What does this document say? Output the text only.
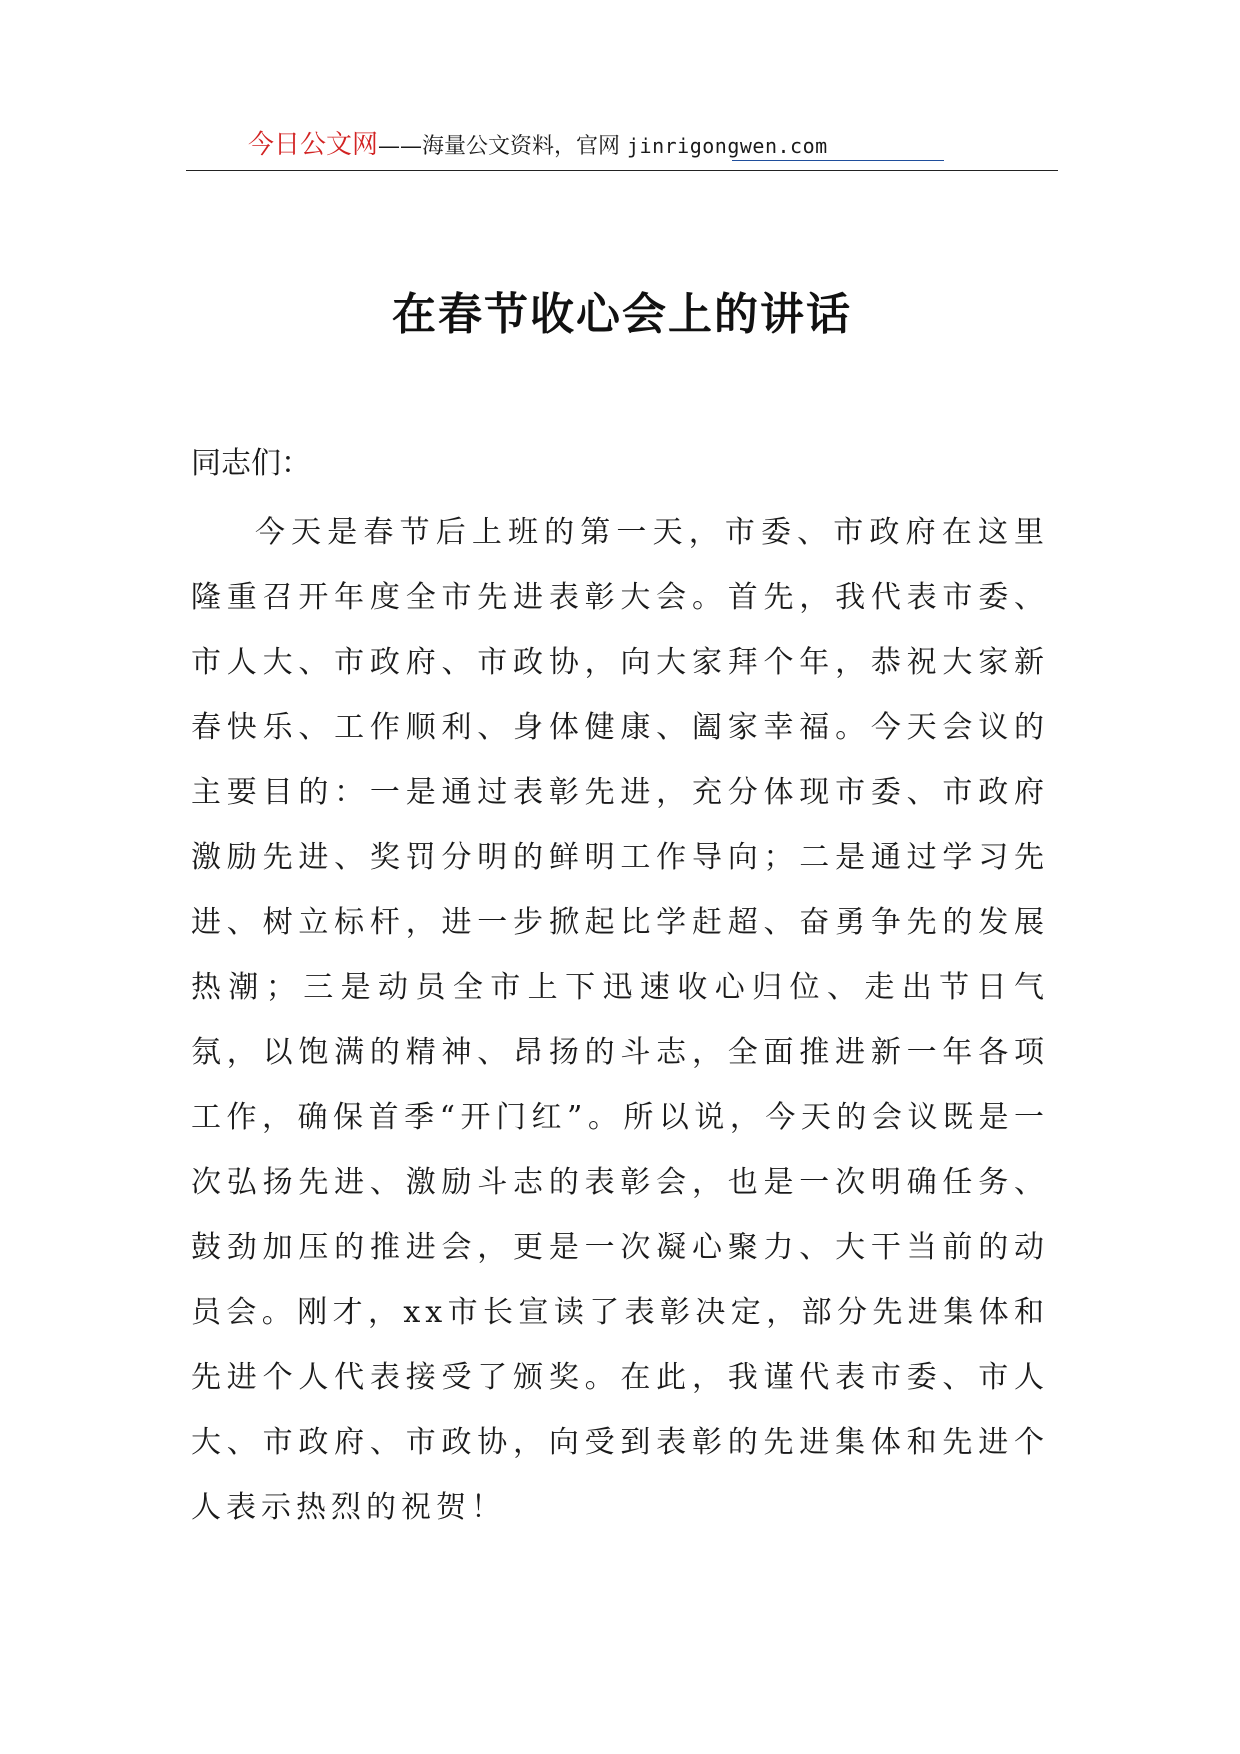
今日公文网——海量公文资料，官网 jinrigongwen.com
在春节收心会上的讲话
同志们：

今天是春节后上班的第一天，市委、市政府在这里隆重召开年度全市先进表彰大会。首先，我代表市委、市人大、市政府、市政协，向大家拜个年，恭祝大家新春快乐、工作顺利、身体健康、阖家幸福。今天会议的主要目的：一是通过表彰先进，充分体现市委、市政府激励先进、奖罚分明的鲜明工作导向；二是通过学习先进、树立标杆，进一步掀起比学赶超、奋勇争先的发展热潮；三是动员全市上下迅速收心归位、走出节日气氛，以饱满的精神、昂扬的斗志，全面推进新一年各项工作，确保首季“开门红”。所以说，今天的会议既是一次弘扬先进、激励斗志的表彰会，也是一次明确任务、鼓劲加压的推进会，更是一次凝心聚力、大干当前的动员会。刚才，xx市长宣读了表彰决定，部分先进集体和先进个人代表接受了颁奖。在此，我谨代表市委、市人大、市政府、市政协，向受到表彰的先进集体和先进个人表示热烈的祝贺！
